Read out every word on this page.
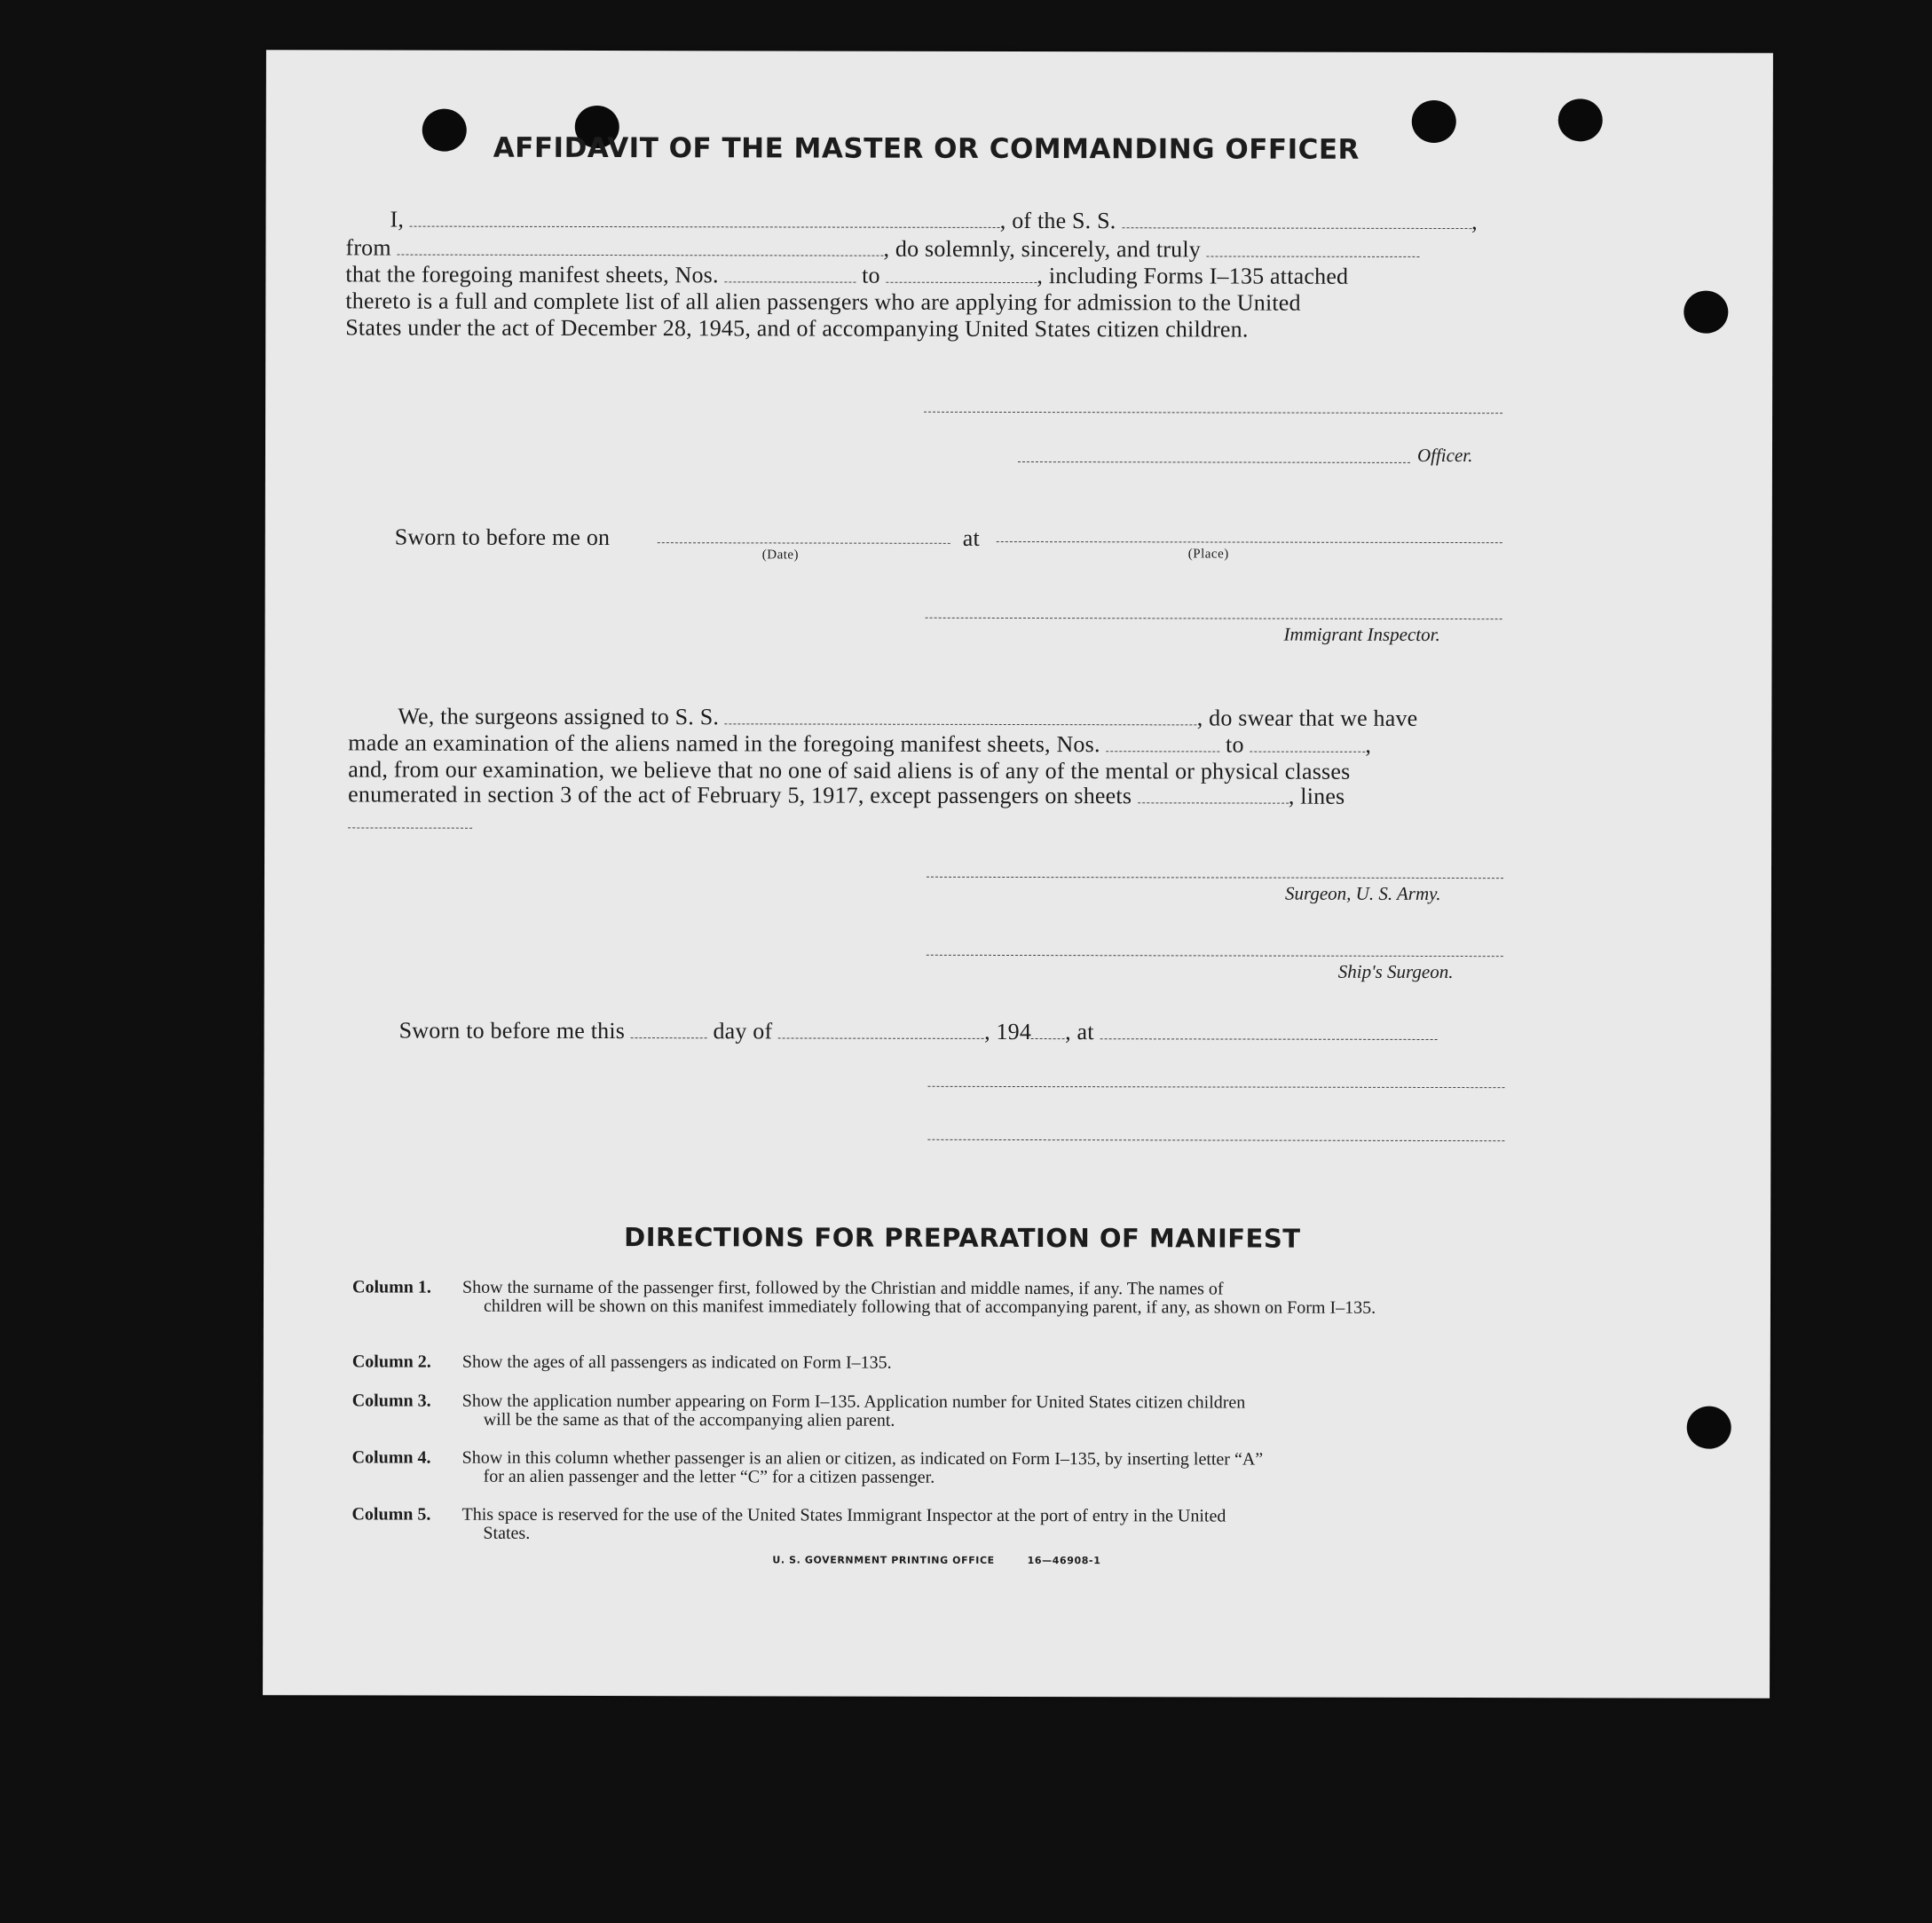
AFFIDAVIT OF THE MASTER OR COMMANDING OFFICER
I,	, of the S. S.	,
from	, do solemnly, sincerely, and truly
that the foregoing manifest sheets, Nos.	to	, including Forms I–135 attached
thereto is a full and complete list of all alien passengers who are applying for admission to the United
States under the act of December 28, 1945, and of accompanying United States citizen children.
Officer.
Sworn to before me on	at
(Date)	(Place)
Immigrant Inspector.
We, the surgeons assigned to S. S.	, do swear that we have
made an examination of the aliens named in the foregoing manifest sheets, Nos.	to	,
and, from our examination, we believe that no one of said aliens is of any of the mental or physical classes
enumerated in section 3 of the act of February 5, 1917, except passengers on sheets	, lines
Surgeon, U. S. Army.
Ship's Surgeon.
Sworn to before me this	day of	, 194 , at
DIRECTIONS FOR PREPARATION OF MANIFEST
Column 1.	Show the surname of the passenger first, followed by the Christian and middle names, if any. The names of
children will be shown on this manifest immediately following that of accompanying parent, if any, as shown on Form I–135.
Column 2.	Show the ages of all passengers as indicated on Form I–135.
Column 3.	Show the application number appearing on Form I–135. Application number for United States citizen children
will be the same as that of the accompanying alien parent.
Column 4.	Show in this column whether passenger is an alien or citizen, as indicated on Form I–135, by inserting letter “A”
for an alien passenger and the letter “C” for a citizen passenger.
Column 5.	This space is reserved for the use of the United States Immigrant Inspector at the port of entry in the United
States.
U. S. GOVERNMENT PRINTING OFFICE	16—46908-1
